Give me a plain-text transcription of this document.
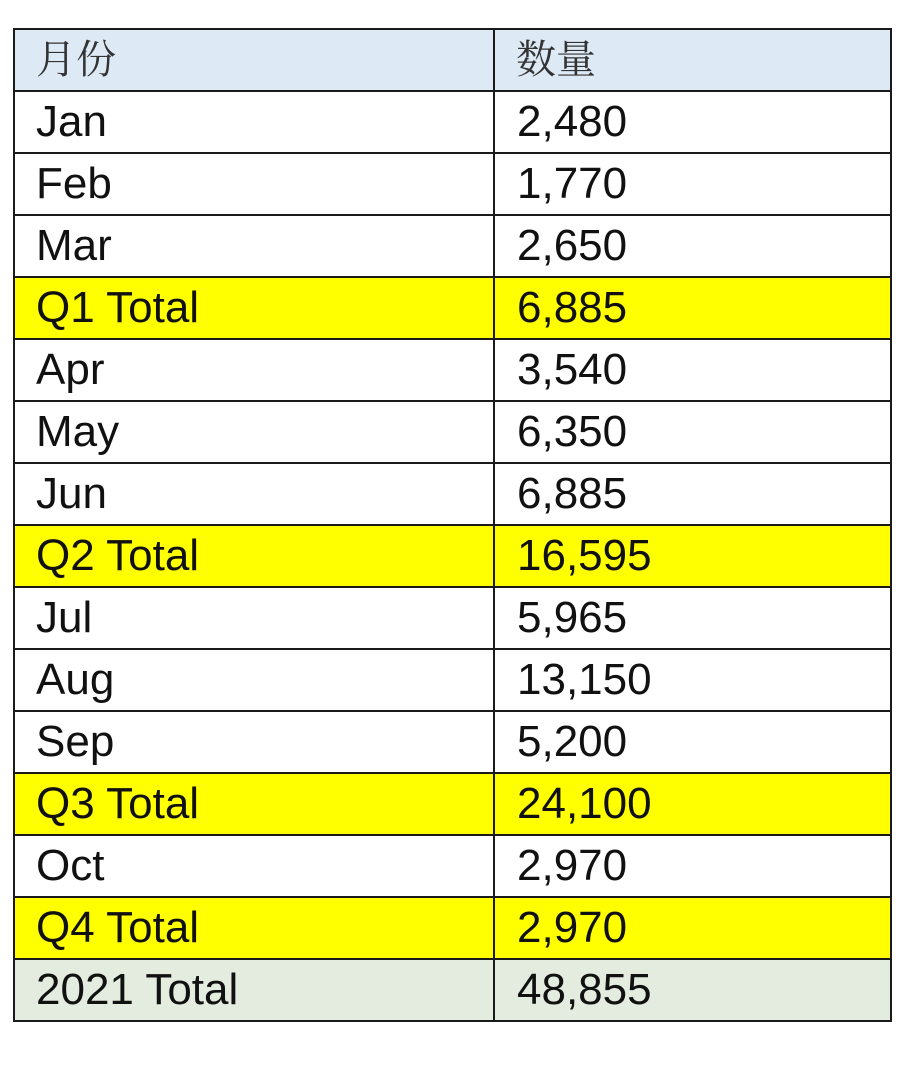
月份	数量
Jan	2,480
Feb	1,770
Mar	2,650
Q1 Total	6,885
Apr	3,540
May	6,350
Jun	6,885
Q2 Total	16,595
Jul	5,965
Aug	13,150
Sep	5,200
Q3 Total	24,100
Oct	2,970
Q4 Total	2,970
2021 Total	48,855
